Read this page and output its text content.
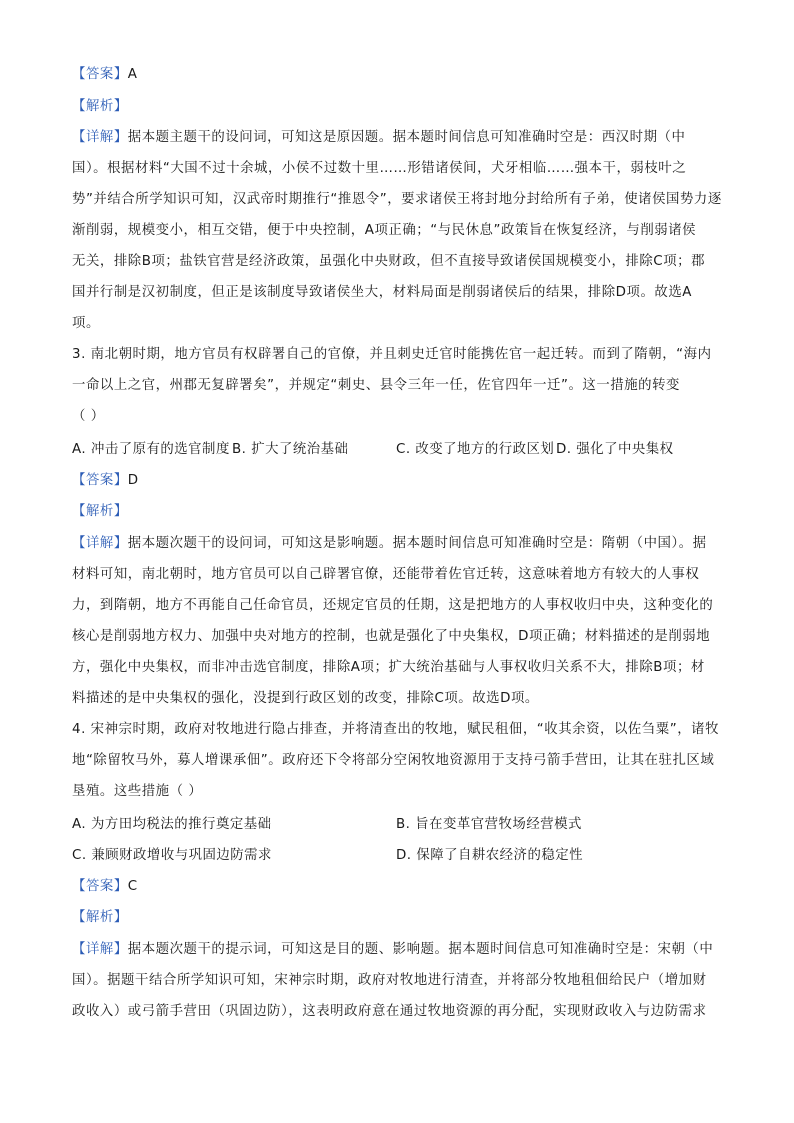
【答案】A
【解析】
【详解】据本题主题干的设问词，可知这是原因题。据本题时间信息可知准确时空是：西汉时期（中
国）。根据材料“大国不过十余城，小侯不过数十里……形错诸侯间，犬牙相临……强本干，弱枝叶之
势”并结合所学知识可知，汉武帝时期推行“推恩令”，要求诸侯王将封地分封给所有子弟，使诸侯国势力逐
渐削弱，规模变小，相互交错，便于中央控制，A项正确；“与民休息”政策旨在恢复经济，与削弱诸侯
无关，排除B项；盐铁官营是经济政策，虽强化中央财政，但不直接导致诸侯国规模变小，排除C项；郡
国并行制是汉初制度，但正是该制度导致诸侯坐大，材料局面是削弱诸侯后的结果，排除D项。故选A
项。
3. 南北朝时期，地方官员有权辟署自己的官僚，并且刺史迁官时能携佐官一起迁转。而到了隋朝，“海内
一命以上之官，州郡无复辟署矣”，并规定“刺史、县令三年一任，佐官四年一迁”。这一措施的转变
（ ）
A. 冲击了原有的选官制度 B. 扩大了统治基础	C. 改变了地方的行政区划 D. 强化了中央集权
【答案】D
【解析】
【详解】据本题次题干的设问词，可知这是影响题。据本题时间信息可知准确时空是：隋朝（中国）。据
材料可知，南北朝时，地方官员可以自己辟署官僚，还能带着佐官迁转，这意味着地方有较大的人事权
力，到隋朝，地方不再能自己任命官员，还规定官员的任期，这是把地方的人事权收归中央，这种变化的
核心是削弱地方权力、加强中央对地方的控制，也就是强化了中央集权，D项正确；材料描述的是削弱地
方，强化中央集权，而非冲击选官制度，排除A项；扩大统治基础与人事权收归关系不大，排除B项；材
料描述的是中央集权的强化，没提到行政区划的改变，排除C项。故选D项。
4. 宋神宗时期，政府对牧地进行隐占排查，并将清查出的牧地，赋民租佃，“收其余资，以佐刍粟”，诸牧
地“除留牧马外，募人增课承佃”。政府还下令将部分空闲牧地资源用于支持弓箭手营田，让其在驻扎区域
垦殖。这些措施（ ）
A. 为方田均税法的推行奠定基础	B. 旨在变革官营牧场经营模式
C. 兼顾财政增收与巩固边防需求	D. 保障了自耕农经济的稳定性
【答案】C
【解析】
【详解】据本题次题干的提示词，可知这是目的题、影响题。据本题时间信息可知准确时空是：宋朝（中
国）。据题干结合所学知识可知，宋神宗时期，政府对牧地进行清查，并将部分牧地租佃给民户（增加财
政收入）或弓箭手营田（巩固边防），这表明政府意在通过牧地资源的再分配，实现财政收入与边防需求
